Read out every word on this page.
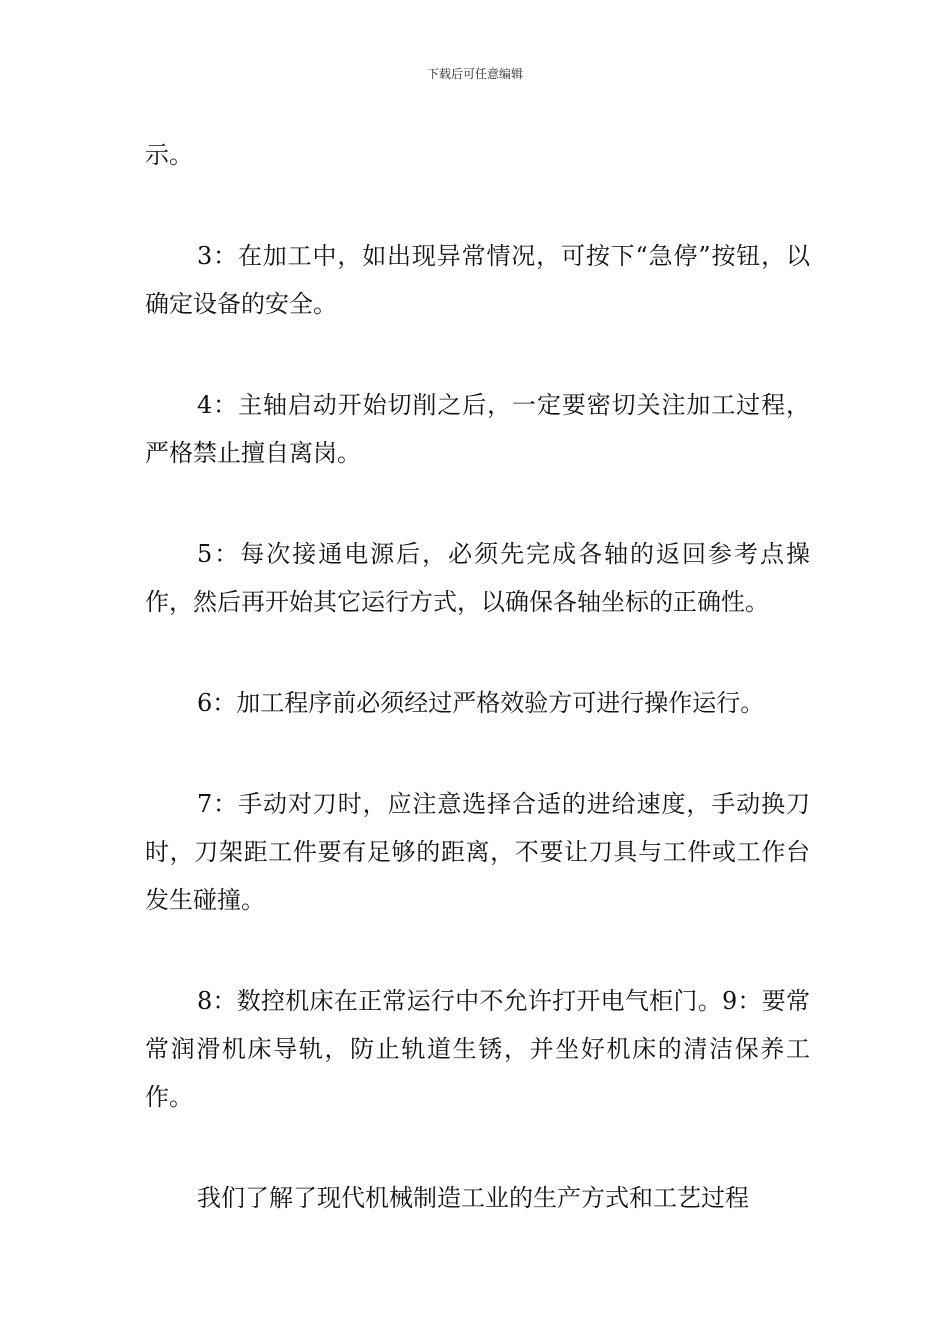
下载后可任意编辑

示。

3：在加工中，如出现异常情况，可按下“急停”按钮，以确定设备的安全。

4：主轴启动开始切削之后，一定要密切关注加工过程，严格禁止擅自离岗。

5：每次接通电源后，必须先完成各轴的返回参考点操作，然后再开始其它运行方式，以确保各轴坐标的正确性。

6：加工程序前必须经过严格效验方可进行操作运行。

7：手动对刀时，应注意选择合适的进给速度，手动换刀时，刀架距工件要有足够的距离，不要让刀具与工件或工作台发生碰撞。

8：数控机床在正常运行中不允许打开电气柜门。9：要常常润滑机床导轨，防止轨道生锈，并坐好机床的清洁保养工作。

我们了解了现代机械制造工业的生产方式和工艺过程
